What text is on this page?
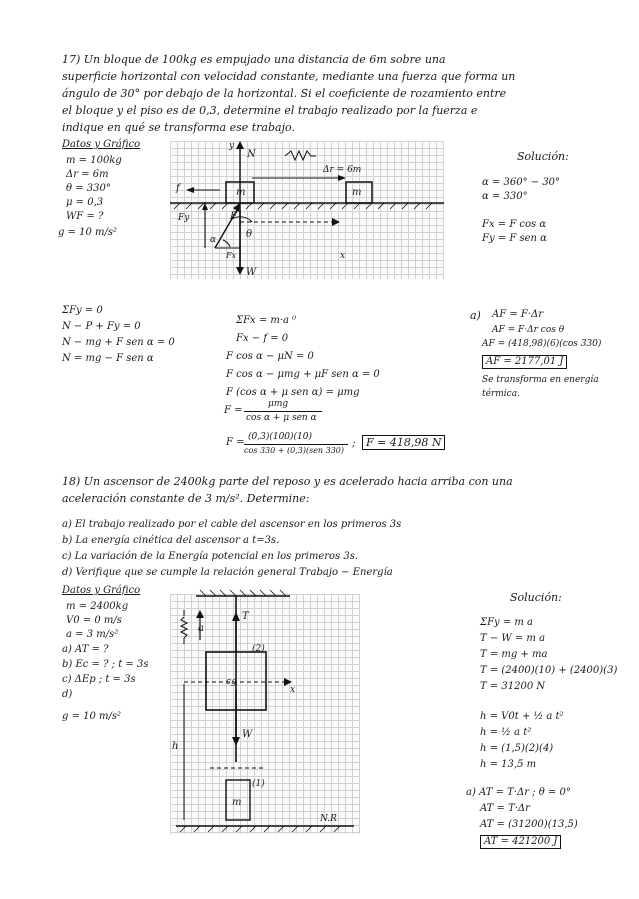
17) Un bloque de 100kg es empujado una distancia de 6m sobre una
superficie horizontal con velocidad constante, mediante una fuerza que forma un
ángulo de 30° por debajo de la horizontal. Si el coeficiente de rozamiento entre
el bloque y el piso es de 0,3, determine el trabajo realizado por la fuerza e
indique en qué se transforma ese trabajo.
Datos y Gráfico
m = 100kg
Δr = 6m
θ = 330°
μ = 0,3
WF = ?
g = 10 m/s²
Solución:
α = 360° − 30°
α = 330°
Fx = F cos α
Fy = F sen α
y
N
Δr = 6m
m	m
f
Fy	F
θ
α
Fx
W
x
ΣFy = 0
N − P + Fy = 0
N − mg + F sen α = 0
N = mg − F sen α
ΣFx = m·a ⁰
Fx − f = 0
F cos α − μN = 0
F cos α − μmg + μF sen α = 0
F (cos α + μ sen α) = μmg
F =
μmg
cos α + μ sen α
F = (0,3)(100)(10)
cos 330 + (0,3)(sen 330)
; F = 418,98 N
a) AF = F·Δr
AF = F·Δr cos θ
AF = (418,98)(6)(cos 330)
AF = 2177,01 J
Se transforma en energía
térmica.
18) Un ascensor de 2400kg parte del reposo y es acelerado hacia arriba con una
aceleración constante de 3 m/s². Determine:
a) El trabajo realizado por el cable del ascensor en los primeros 3s
b) La energía cinética del ascensor a t=3s.
c) La variación de la Energía potencial en los primeros 3s.
d) Verifique que se cumple la relación general Trabajo − Energía
Datos y Gráfico
m = 2400kg
V0 = 0 m/s
a = 3 m/s²
a) AT = ?
b) Ec = ? ; t = 3s
c) ΔEp ; t = 3s
d)
g = 10 m/s²
Solución:
a
T
(2)
cg
W
x
h
(1)
m
N.R
ΣFy = m a
T − W = m a
T = mg + ma
T = (2400)(10) + (2400)(3)
T = 31200 N
h = V0t + ½ a t²
h = ½ a t²
h = (1,5)(2)(4)
h = 13,5 m
a) AT = T·Δr ; θ = 0°
AT = T·Δr
AT = (31200)(13,5)
AT = 421200 J
